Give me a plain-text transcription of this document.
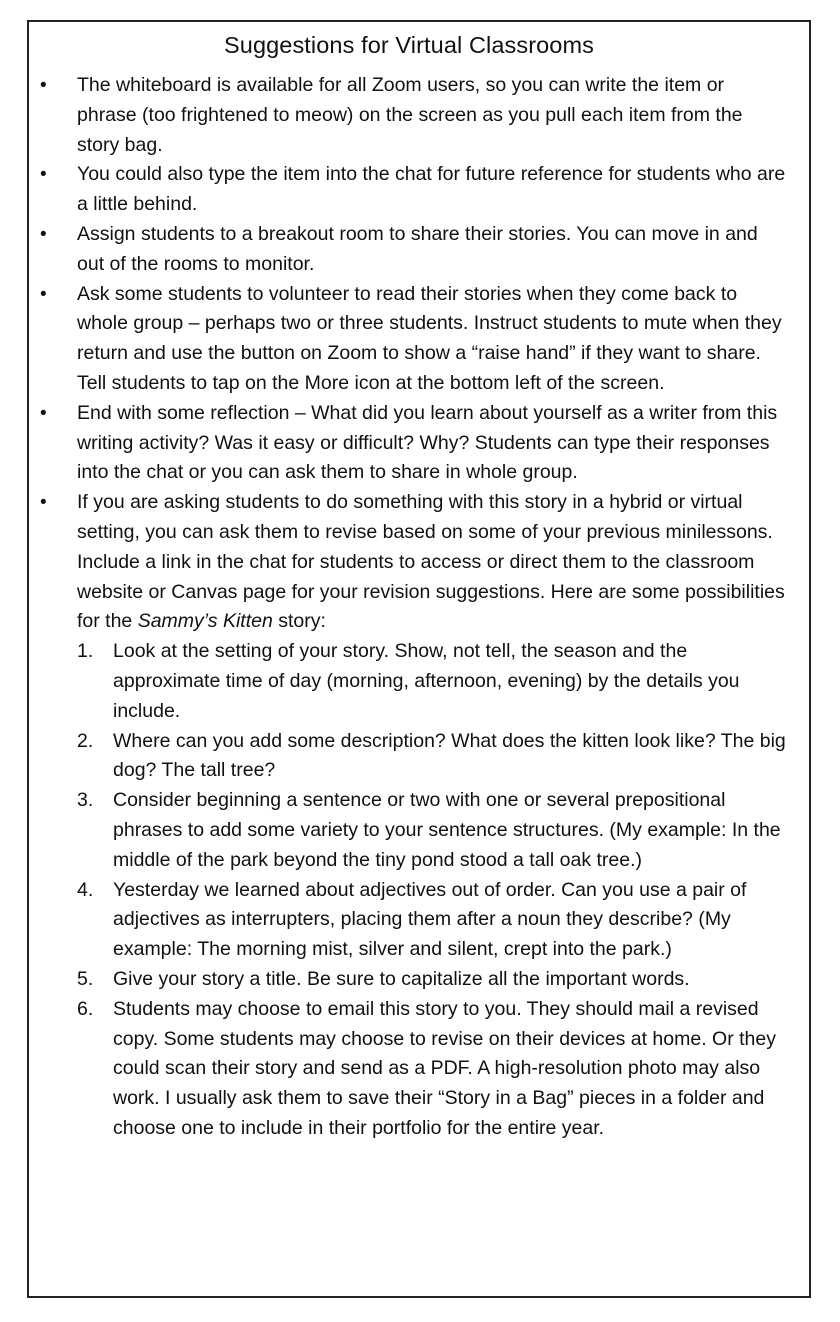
Suggestions for Virtual Classrooms
•	The whiteboard is available for all Zoom users, so you can write the item or phrase (too frightened to meow) on the screen as you pull each item from the story bag.
•	You could also type the item into the chat for future reference for students who are a little behind.
•	Assign students to a breakout room to share their stories. You can move in and out of the rooms to monitor.
•	Ask some students to volunteer to read their stories when they come back to whole group – perhaps two or three students. Instruct students to mute when they return and use the button on Zoom to show a “raise hand” if they want to share. Tell students to tap on the More icon at the bottom left of the screen.
•	End with some reflection – What did you learn about yourself as a writer from this writing activity? Was it easy or difficult? Why? Students can type their responses into the chat or you can ask them to share in whole group.
•	If you are asking students to do something with this story in a hybrid or virtual setting, you can ask them to revise based on some of your previous minilessons. Include a link in the chat for students to access or direct them to the classroom website or Canvas page for your revision suggestions. Here are some possibilities for the Sammy’s Kitten story:
1.	Look at the setting of your story. Show, not tell, the season and the approximate time of day (morning, afternoon, evening) by the details you include.
2.	Where can you add some description? What does the kitten look like? The big dog? The tall tree?
3.	Consider beginning a sentence or two with one or several prepositional phrases to add some variety to your sentence structures. (My example: In the middle of the park beyond the tiny pond stood a tall oak tree.)
4.	Yesterday we learned about adjectives out of order. Can you use a pair of adjectives as interrupters, placing them after a noun they describe? (My example: The morning mist, silver and silent, crept into the park.)
5.	Give your story a title. Be sure to capitalize all the important words.
6.	Students may choose to email this story to you. They should mail a revised copy. Some students may choose to revise on their devices at home. Or they could scan their story and send as a PDF. A high-resolution photo may also work. I usually ask them to save their “Story in a Bag” pieces in a folder and choose one to include in their portfolio for the entire year.
